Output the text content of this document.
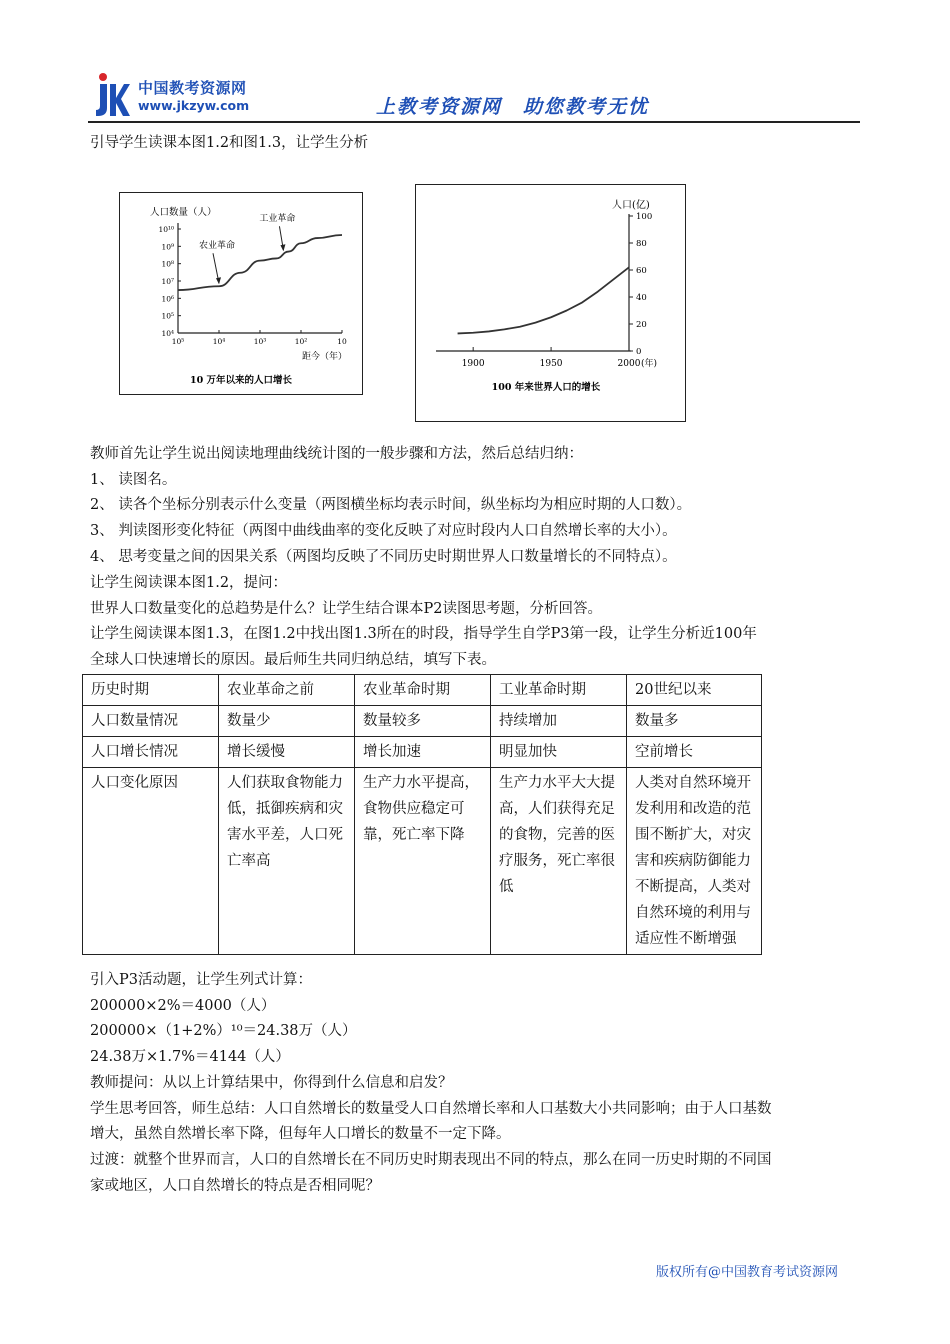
中国教考资源网
www.jkzyw.com	上教考资源网　助您教考无忧
引导学生读课本图1.2和图1.3，让学生分析
人口数量（人）
距今（年）
10 万年以来的人口增长
10⁴
10⁵
10⁶
10⁷
10⁸
10⁹
10¹⁰
10⁵	10⁴	10³	10²	10
农业革命
工业革命
人口(亿)
100 年来世界人口的增长
0
20
40
60
80
100
1900	1950	2000 (年)
教师首先让学生说出阅读地理曲线统计图的一般步骤和方法，然后总结归纳：
1、 读图名。
2、 读各个坐标分别表示什么变量（两图横坐标均表示时间，纵坐标均为相应时期的人口数）。
3、 判读图形变化特征（两图中曲线曲率的变化反映了对应时段内人口自然增长率的大小）。
4、 思考变量之间的因果关系（两图均反映了不同历史时期世界人口数量增长的不同特点）。
让学生阅读课本图1.2，提问：
世界人口数量变化的总趋势是什么？让学生结合课本P2读图思考题，分析回答。
让学生阅读课本图1.3，在图1.2中找出图1.3所在的时段，指导学生自学P3第一段，让学生分析近100年
全球人口快速增长的原因。最后师生共同归纳总结，填写下表。
历史时期	农业革命之前	农业革命时期	工业革命时期	20世纪以来
人口数量情况	数量少	数量较多	持续增加	数量多
人口增长情况	增长缓慢	增长加速	明显加快	空前增长

人口变化原因	人们获取食物能力低，抵御疾病和灾害水平差，人口死亡率高	生产力水平提高，食物供应稳定可靠，死亡率下降	生产力水平大大提高，人们获得充足的食物，完善的医疗服务，死亡率很低	人类对自然环境开发利用和改造的范围不断扩大，对灾害和疾病防御能力不断提高，人类对自然环境的利用与适应性不断增强
引入P3活动题，让学生列式计算：
200000×2%＝4000（人）
200000×（1+2%）¹⁰＝24.38万（人）
24.38万×1.7%＝4144（人）
教师提问：从以上计算结果中，你得到什么信息和启发？
学生思考回答，师生总结：人口自然增长的数量受人口自然增长率和人口基数大小共同影响；由于人口基数
增大，虽然自然增长率下降，但每年人口增长的数量不一定下降。
过渡：就整个世界而言，人口的自然增长在不同历史时期表现出不同的特点，那么在同一历史时期的不同国
家或地区，人口自然增长的特点是否相同呢？
版权所有@中国教育考试资源网
